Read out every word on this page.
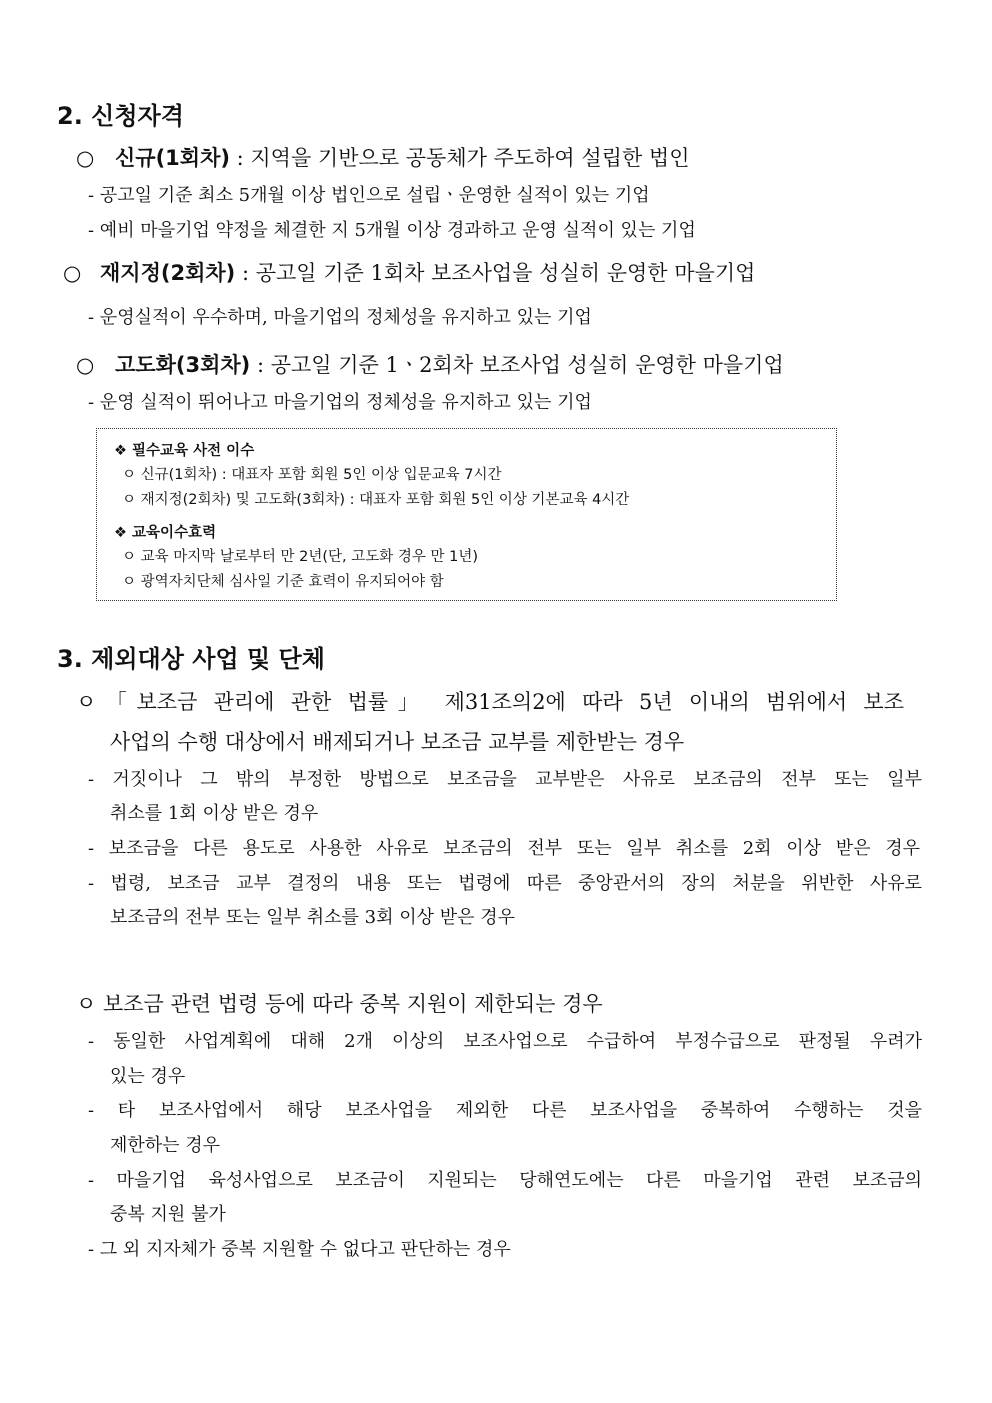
2. 신청자격
○ 신규(1회차) : 지역을 기반으로 공동체가 주도하여 설립한 법인
- 공고일 기준 최소 5개월 이상 법인으로 설립ㆍ운영한 실적이 있는 기업
- 예비 마을기업 약정을 체결한 지 5개월 이상 경과하고 운영 실적이 있는 기업
○ 재지정(2회차) : 공고일 기준 1회차 보조사업을 성실히 운영한 마을기업
- 운영실적이 우수하며, 마을기업의 정체성을 유지하고 있는 기업
○ 고도화(3회차) : 공고일 기준 1ㆍ2회차 보조사업 성실히 운영한 마을기업
- 운영 실적이 뛰어나고 마을기업의 정체성을 유지하고 있는 기업
❖ 필수교육 사전 이수
ㅇ 신규(1회차) : 대표자 포함 회원 5인 이상 입문교육 7시간
ㅇ 재지정(2회차) 및 고도화(3회차) : 대표자 포함 회원 5인 이상 기본교육 4시간
❖ 교육이수효력
ㅇ 교육 마지막 날로부터 만 2년(단, 고도화 경우 만 1년)
ㅇ 광역자치단체 심사일 기준 효력이 유지되어야 함
3. 제외대상 사업 및 단체
ㅇ「보조금 관리에 관한 법률」 제31조의2에 따라 5년 이내의 범위에서 보조
사업의 수행 대상에서 배제되거나 보조금 교부를 제한받는 경우
- 거짓이나 그 밖의 부정한 방법으로 보조금을 교부받은 사유로 보조금의 전부 또는 일부
취소를 1회 이상 받은 경우
- 보조금을 다른 용도로 사용한 사유로 보조금의 전부 또는 일부 취소를 2회 이상 받은 경우
- 법령, 보조금 교부 결정의 내용 또는 법령에 따른 중앙관서의 장의 처분을 위반한 사유로
보조금의 전부 또는 일부 취소를 3회 이상 받은 경우
ㅇ 보조금 관련 법령 등에 따라 중복 지원이 제한되는 경우
- 동일한 사업계획에 대해 2개 이상의 보조사업으로 수급하여 부정수급으로 판정될 우려가
있는 경우
- 타 보조사업에서 해당 보조사업을 제외한 다른 보조사업을 중복하여 수행하는 것을
제한하는 경우
- 마을기업 육성사업으로 보조금이 지원되는 당해연도에는 다른 마을기업 관련 보조금의
중복 지원 불가
- 그 외 지자체가 중복 지원할 수 없다고 판단하는 경우
